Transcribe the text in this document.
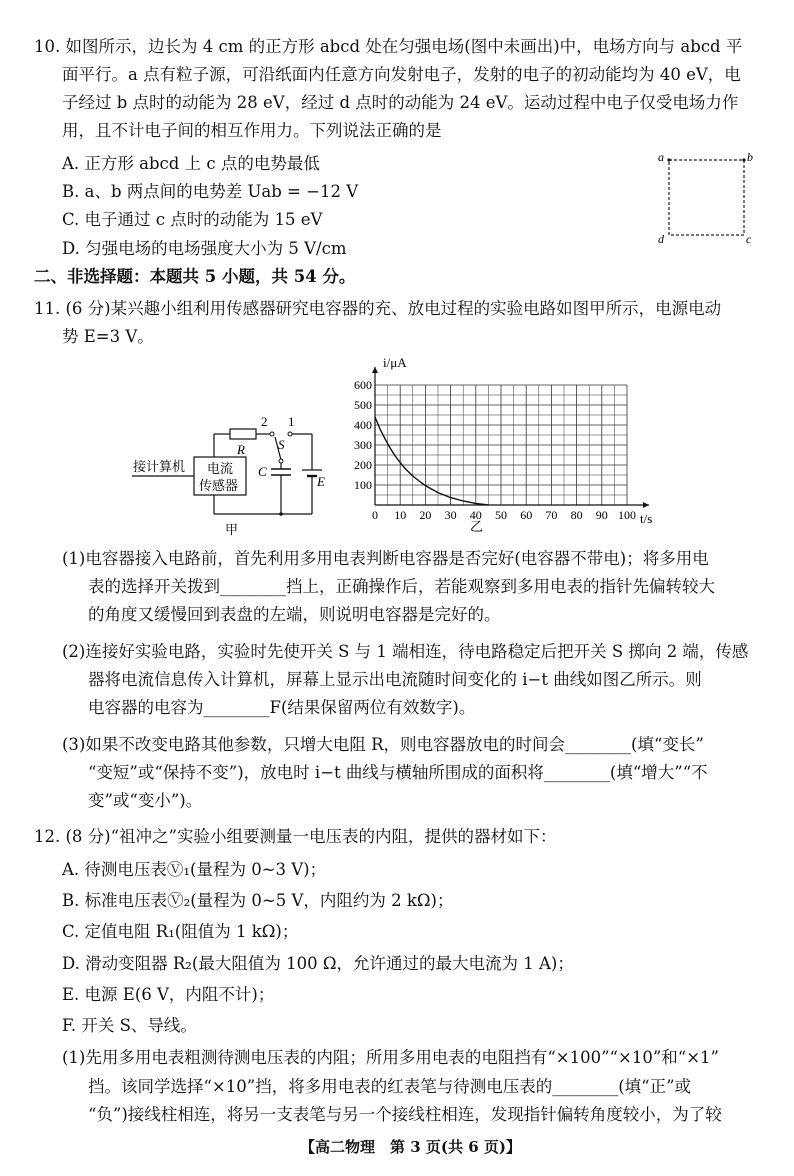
10. 如图所示，边长为 4 cm 的正方形 abcd 处在匀强电场(图中未画出)中，电场方向与 abcd 平
面平行。a 点有粒子源，可沿纸面内任意方向发射电子，发射的电子的初动能均为 40 eV，电
子经过 b 点时的动能为 28 eV，经过 d 点时的动能为 24 eV。运动过程中电子仅受电场力作
用，且不计电子间的相互作用力。下列说法正确的是
A. 正方形 abcd 上 c 点的电势最低
B. a、b 两点间的电势差 Uab = −12 V
C. 电子通过 c 点时的动能为 15 eV
D. 匀强电场的电场强度大小为 5 V/cm
a	b
c
d
二、非选择题：本题共 5 小题，共 54 分。
11. (6 分)某兴趣小组利用传感器研究电容器的充、放电过程的实验电路如图甲所示，电源电动
势 E=3 V。
接计算机 电流
传感器
R
2 1
S
C
E
甲
0 10 20 30 40 50 60 70 80 90 100
100
200
300
400
500
600
i/μA
t/s
乙
(1)电容器接入电路前，首先利用多用电表判断电容器是否完好(电容器不带电)；将多用电
表的选择开关拨到________挡上，正确操作后，若能观察到多用电表的指针先偏转较大
的角度又缓慢回到表盘的左端，则说明电容器是完好的。
(2)连接好实验电路，实验时先使开关 S 与 1 端相连，待电路稳定后把开关 S 掷向 2 端，传感
器将电流信息传入计算机，屏幕上显示出电流随时间变化的 i−t 曲线如图乙所示。则
电容器的电容为________F(结果保留两位有效数字)。
(3)如果不改变电路其他参数，只增大电阻 R，则电容器放电的时间会________(填“变长”
“变短”或“保持不变”)，放电时 i−t 曲线与横轴所围成的面积将________(填“增大”“不
变”或“变小”)。
12. (8 分)“祖冲之”实验小组要测量一电压表的内阻，提供的器材如下：
A. 待测电压表Ⓥ₁(量程为 0~3 V)；
B. 标准电压表Ⓥ₂(量程为 0~5 V，内阻约为 2 kΩ)；
C. 定值电阻 R₁(阻值为 1 kΩ)；
D. 滑动变阻器 R₂(最大阻值为 100 Ω，允许通过的最大电流为 1 A)；
E. 电源 E(6 V，内阻不计)；
F. 开关 S、导线。
(1)先用多用电表粗测待测电压表的内阻；所用多用电表的电阻挡有“×100”“×10”和“×1”
挡。该同学选择“×10”挡，将多用电表的红表笔与待测电压表的________(填“正”或
“负”)接线柱相连，将另一支表笔与另一个接线柱相连，发现指针偏转角度较小，为了较
【高二物理　第 3 页(共 6 页)】
